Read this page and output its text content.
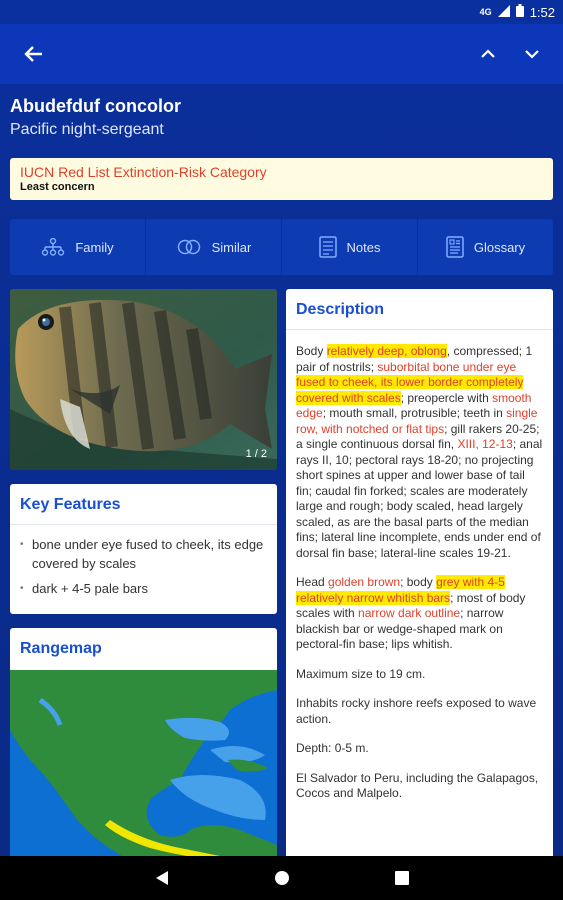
4G	1:52
Abudefduf concolor
Pacific night-sergeant
IUCN Red List Extinction-Risk Category
Least concern
Family	Similar	Notes	Glossary
1 / 2
Key Features
• bone under eye fused to cheek, its edge covered by scales
• dark + 4-5 pale bars
Rangemap
Description

Body relatively deep, oblong, compressed; 1 pair of nostrils; suborbital bone under eye fused to cheek, its lower border completely covered with scales; preopercle with smooth edge; mouth small, protrusible; teeth in single row, with notched or flat tips; gill rakers 20-25; a single continuous dorsal fin, XIII, 12-13; anal rays II, 10; pectoral rays 18-20; no projecting short spines at upper and lower base of tail fin; caudal fin forked; scales are moderately large and rough; body scaled, head largely scaled, as are the basal parts of the median fins; lateral line incomplete, ends under end of dorsal fin base; lateral-line scales 19-21.

Head golden brown; body grey with 4-5 relatively narrow whitish bars; most of body scales with narrow dark outline; narrow blackish bar or wedge-shaped mark on pectoral-fin base; lips whitish.

Maximum size to 19 cm.

Inhabits rocky inshore reefs exposed to wave action.

Depth: 0-5 m.

El Salvador to Peru, including the Galapagos, Cocos and Malpelo.
